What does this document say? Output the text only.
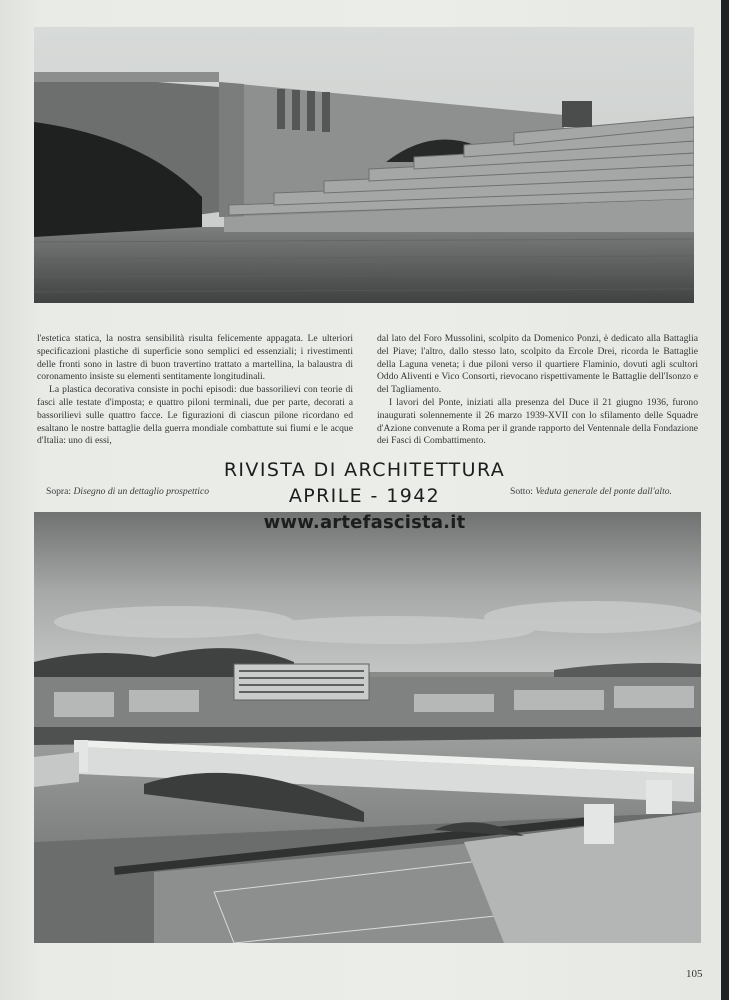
l'estetica statica, la nostra sensibilità risulta felicemente appagata. Le ulteriori specificazioni plastiche di superficie sono semplici ed essenziali; i rivestimenti delle fronti sono in lastre di buon travertino trattato a martellina, la balaustra di coronamento insiste su elementi sentitamente longitudinali.

La plastica decorativa consiste in pochi episodi: due bassorilievi con teorie di fasci alle testate d'imposta; e quattro piloni terminali, due per parte, decorati a bassorilievi sulle quattro facce. Le figurazioni di ciascun pilone ricordano ed esaltano le nostre battaglie della guerra mondiale combattute sui fiumi e le acque d'Italia: uno di essi,

dal lato del Foro Mussolini, scolpito da Domenico Ponzi, è dedicato alla Battaglia del Piave; l'altro, dallo stesso lato, scolpito da Ercole Drei, ricorda le Battaglie della Laguna veneta; i due piloni verso il quartiere Flaminio, dovuti agli scultori Oddo Aliventi e Vico Consorti, rievocano rispettivamente le Battaglie dell'Isonzo e del Tagliamento.

I lavori del Ponte, iniziati alla presenza del Duce il 21 giugno 1936, furono inaugurati solennemente il 26 marzo 1939-XVII con lo sfilamento delle Squadre d'Azione convenute a Roma per il grande rapporto del Ventennale della Fondazione dei Fasci di Combattimento.

Sopra: Disegno di un dettaglio prospettico	Sotto: Veduta generale del ponte dall'alto.
RIVISTA DI ARCHITETTURA
APRILE - 1942
www.artefascista.it
105
